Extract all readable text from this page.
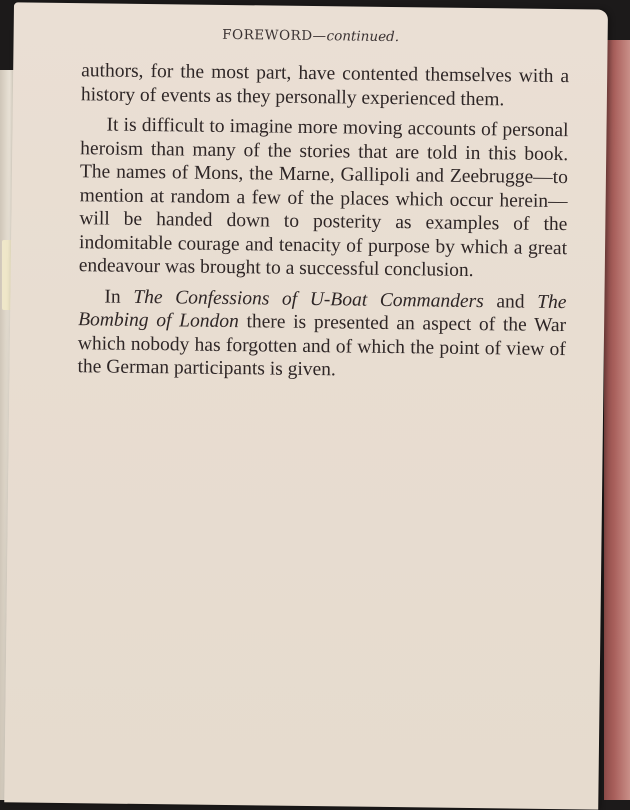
FOREWORD—continued.

authors, for the most part, have contented themselves with a history of events as they personally experienced them.

It is difficult to imagine more moving accounts of personal heroism than many of the stories that are told in this book. The names of Mons, the Marne, Gallipoli and Zeebrugge—to mention at random a few of the places which occur herein—will be handed down to posterity as examples of the indomitable courage and tenacity of purpose by which a great endeavour was brought to a successful conclusion.

In The Confessions of U-Boat Commanders and The Bombing of London there is presented an aspect of the War which nobody has forgotten and of which the point of view of the German participants is given.
